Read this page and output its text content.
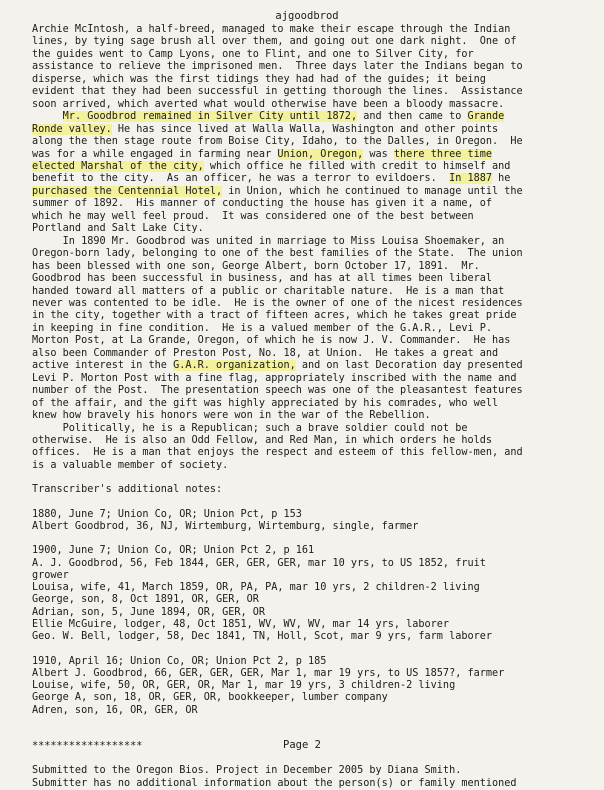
ajgoodbrod

Archie McIntosh, a half-breed, managed to make their escape through the Indian

lines, by tying sage brush all over them, and going out one dark night.  One of

the guides went to Camp Lyons, one to Flint, and one to Silver City, for

assistance to relieve the imprisoned men.  Three days later the Indians began to

disperse, which was the first tidings they had had of the guides; it being

evident that they had been successful in getting thorough the lines.  Assistance

soon arrived, which averted what would otherwise have been a bloody massacre.

Mr. Goodbrod remained in Silver City until 1872, and then came to Grande

Ronde valley. He has since lived at Walla Walla, Washington and other points

along the then stage route from Boise City, Idaho, to the Dalles, in Oregon.  He

was for a while engaged in farming near Union, Oregon, was there three time

elected Marshal of the city, which office he filled with credit to himself and

benefit to the city.  As an officer, he was a terror to evildoers.  In 1887 he

purchased the Centennial Hotel, in Union, which he continued to manage until the

summer of 1892.  His manner of conducting the house has given it a name, of

which he may well feel proud.  It was considered one of the best between

Portland and Salt Lake City.

In 1890 Mr. Goodbrod was united in marriage to Miss Louisa Shoemaker, an

Oregon-born lady, belonging to one of the best families of the State.  The union

has been blessed with one son, George Albert, born October 17, 1891.  Mr.

Goodbrod has been successful in business, and has at all times been liberal

handed toward all matters of a public or charitable nature.  He is a man that

never was contented to be idle.  He is the owner of one of the nicest residences

in the city, together with a tract of fifteen acres, which he takes great pride

in keeping in fine condition.  He is a valued member of the G.A.R., Levi P.

Morton Post, at La Grande, Oregon, of which he is now J. V. Commander.  He has

also been Commander of Preston Post, No. 18, at Union.  He takes a great and

active interest in the G.A.R. organization, and on last Decoration day presented

Levi P. Morton Post with a fine flag, appropriately inscribed with the name and

number of the Post.  The presentation speech was one of the pleasantest features

of the affair, and the gift was highly appreciated by his comrades, who well

knew how bravely his honors were won in the war of the Rebellion.

Politically, he is a Republican; such a brave soldier could not be

otherwise.  He is also an Odd Fellow, and Red Man, in which orders he holds

offices.  He is a man that enjoys the respect and esteem of this fellow-men, and

is a valuable member of society.

Transcriber's additional notes:

1880, June 7; Union Co, OR; Union Pct, p 153

Albert Goodbrod, 36, NJ, Wirtemburg, Wirtemburg, single, farmer

1900, June 7; Union Co, OR; Union Pct 2, p 161

A. J. Goodbrod, 56, Feb 1844, GER, GER, GER, mar 10 yrs, to US 1852, fruit

grower

Louisa, wife, 41, March 1859, OR, PA, PA, mar 10 yrs, 2 children-2 living

George, son, 8, Oct 1891, OR, GER, OR

Adrian, son, 5, June 1894, OR, GER, OR

Ellie McGuire, lodger, 48, Oct 1851, WV, WV, WV, mar 14 yrs, laborer

Geo. W. Bell, lodger, 58, Dec 1841, TN, Holl, Scot, mar 9 yrs, farm laborer

1910, April 16; Union Co, OR; Union Pct 2, p 185

Albert J. Goodbrod, 66, GER, GER, GER, Mar 1, mar 19 yrs, to US 1857?, farmer

Louise, wife, 50, OR, GER, OR, Mar 1, mar 19 yrs, 3 children-2 living

George A, son, 18, OR, GER, OR, bookkeeper, lumber company

Adren, son, 16, OR, GER, OR

******************

Submitted to the Oregon Bios. Project in December 2005 by Diana Smith.

Submitter has no additional information about the person(s) or family mentioned

Page 2
